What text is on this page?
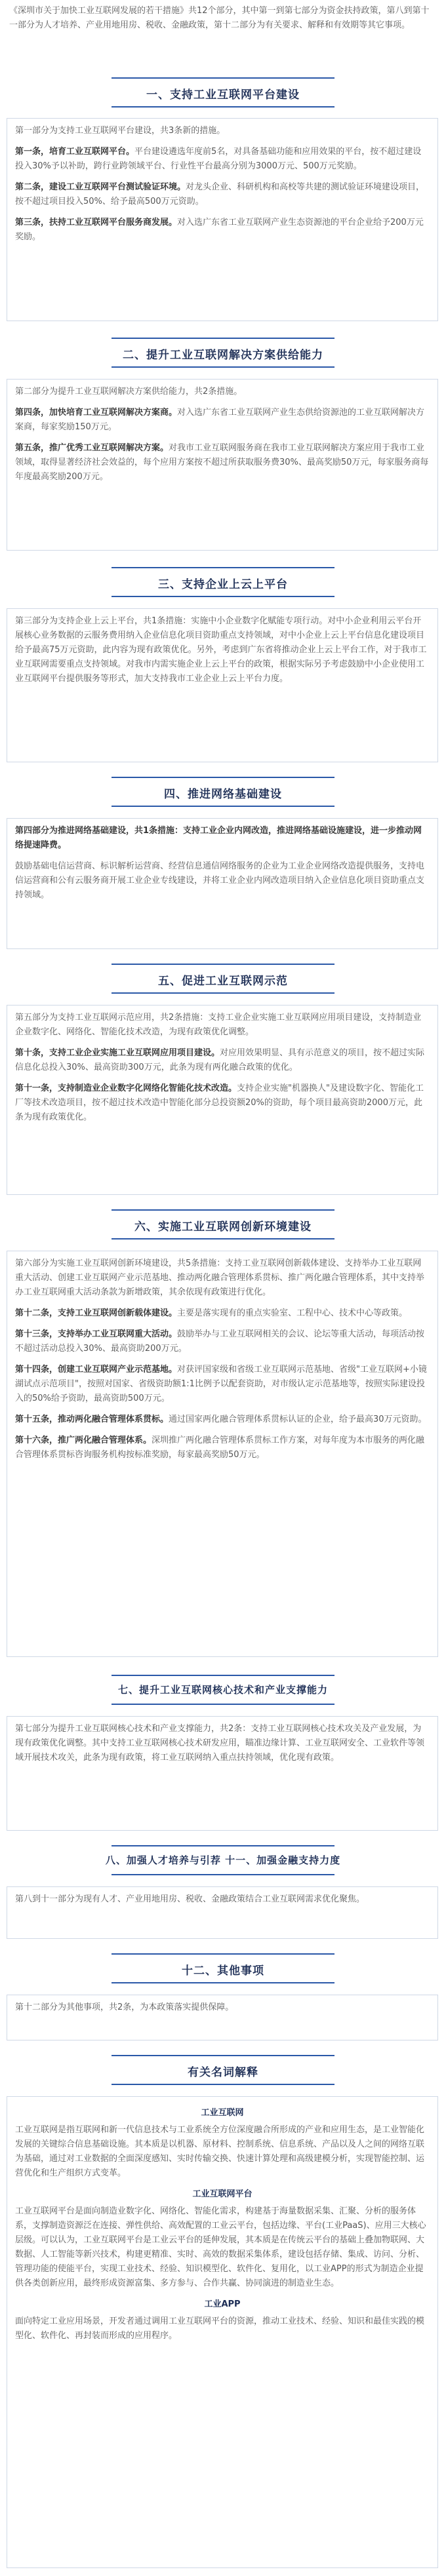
《深圳市关于加快工业互联网发展的若干措施》共12个部分，其中第一到第七部分为资金扶持政策，第八到第十一部分为人才培养、产业用地用房、税收、金融政策，第十二部分为有关要求、解释和有效期等其它事项。
一、支持工业互联网平台建设

第一部分为支持工业互联网平台建设，共3条新的措施。

第一条，培育工业互联网平台。平台建设遴选年度前5名，对具备基础功能和应用效果的平台，按不超过建设投入30%予以补助，跨行业跨领域平台、行业性平台最高分别为3000万元、500万元奖励。

第二条，建设工业互联网平台测试验证环境。对龙头企业、科研机构和高校等共建的测试验证环境建设项目，按不超过项目投入50%、给予最高500万元资助。

第三条，扶持工业互联网平台服务商发展。对入选广东省工业互联网产业生态资源池的平台企业给予200万元奖励。

二、提升工业互联网解决方案供给能力

第二部分为提升工业互联网解决方案供给能力，共2条措施。

第四条，加快培育工业互联网解决方案商。对入选广东省工业互联网产业生态供给资源池的工业互联网解决方案商，每家奖励150万元。

第五条，推广优秀工业互联网解决方案。对我市工业互联网服务商在我市工业互联网解决方案应用于我市工业领域，取得显著经济社会效益的，每个应用方案按不超过所获取服务费30%、最高奖励50万元，每家服务商每年度最高奖励200万元。

三、支持企业上云上平台

第三部分为支持企业上云上平台，共1条措施：实施中小企业数字化赋能专项行动。对中小企业利用云平台开展核心业务数据的云服务费用纳入企业信息化项目资助重点支持领域，对中小企业上云上平台信息化建设项目给予最高75万元资助，此内容为现有政策优化。另外，考虑到广东省将推动企业上云上平台工作，对于我市工业互联网需要重点支持领域。对我市内需实施企业上云上平台的政策，根据实际另予考虑鼓励中小企业使用工业互联网平台提供服务等形式，加大支持我市工业企业上云上平台力度。

四、推进网络基础建设

第四部分为推进网络基础建设，共1条措施：支持工业企业内网改造，推进网络基础设施建设，进一步推动网络提速降费。

鼓励基础电信运营商、标识解析运营商、经营信息通信网络服务的企业为工业企业网络改造提供服务，支持电信运营商和公有云服务商开展工业企业专线建设，并将工业企业内网改造项目纳入企业信息化项目资助重点支持领域。

五、促进工业互联网示范

第五部分为支持工业互联网示范应用，共2条措施：支持工业企业实施工业互联网应用项目建设，支持制造业企业数字化、网络化、智能化技术改造，为现有政策优化调整。

第十条，支持工业企业实施工业互联网应用项目建设。对应用效果明显、具有示范意义的项目，按不超过实际信息化总投入30%、最高资助300万元，此条为现有两化融合政策的优化。

第十一条，支持制造业企业数字化网络化智能化技术改造。支持企业实施"机器换人"及建设数字化、智能化工厂等技术改造项目，按不超过技术改造中智能化部分总投资额20%的资助，每个项目最高资助2000万元，此条为现有政策优化。

六、实施工业互联网创新环境建设

第六部分为实施工业互联网创新环境建设，共5条措施：支持工业互联网创新载体建设、支持举办工业互联网重大活动、创建工业互联网产业示范基地、推动两化融合管理体系贯标、推广两化融合管理体系，其中支持举办工业互联网重大活动条款为新增政策，其余依现有政策进行优化。

第十二条，支持工业互联网创新载体建设。主要是落实现有的重点实验室、工程中心、技术中心等政策。

第十三条，支持举办工业互联网重大活动。鼓励举办与工业互联网相关的会议、论坛等重大活动，每项活动按不超过活动总投入30%、最高资助200万元。

第十四条，创建工业互联网产业示范基地。对获评国家级和省级工业互联网示范基地、省级"工业互联网+小镜湖试点示范项目"，按照对国家、省级资助额1:1比例予以配套资助，对市级认定示范基地等，按照实际建设投入的50%给予资助，最高资助500万元。

第十五条，推动两化融合管理体系贯标。通过国家两化融合管理体系贯标认证的企业，给予最高30万元资助。

第十六条，推广两化融合管理体系。深圳推广两化融合管理体系贯标工作方案，对每年度为本市服务的两化融合管理体系贯标咨询服务机构按标准奖励，每家最高奖励50万元。

七、提升工业互联网核心技术和产业支撑能力

第七部分为提升工业互联网核心技术和产业支撑能力，共2条：支持工业互联网核心技术攻关及产业发展，为现有政策优化调整。其中支持工业互联网核心技术研发应用，瞄准边缘计算、工业互联网安全、工业软件等领域开展技术攻关，此条为现有政策，将工业互联网纳入重点扶持领域，优化现有政策。

八、加强人才培养与引荐 十一、加强金融支持力度

第八到十一部分为现有人才、产业用地用房、税收、金融政策结合工业互联网需求优化聚焦。

十二、其他事项

第十二部分为其他事项，共2条，为本政策落实提供保障。

有关名词解释
工业互联网

工业互联网是指互联网和新一代信息技术与工业系统全方位深度融合所形成的产业和应用生态，是工业智能化发展的关键综合信息基础设施。其本质是以机器、原材料、控制系统、信息系统、产品以及人之间的网络互联为基础，通过对工业数据的全面深度感知、实时传输交换、快速计算处理和高级建模分析，实现智能控制、运营优化和生产组织方式变革。

工业互联网平台

工业互联网平台是面向制造业数字化、网络化、智能化需求，构建基于海量数据采集、汇聚、分析的服务体系，支撑制造资源泛在连接、弹性供给、高效配置的工业云平台，包括边缘、平台(工业PaaS)、应用三大核心层级。可以认为，工业互联网平台是工业云平台的延伸发展，其本质是在传统云平台的基础上叠加物联网、大数据、人工智能等新兴技术，构建更精准、实时、高效的数据采集体系，建设包括存储、集成、访问、分析、管理功能的使能平台，实现工业技术、经验、知识模型化、软件化、复用化，以工业APP的形式为制造企业提供各类创新应用，最终形成资源富集、多方参与、合作共赢、协同演进的制造业生态。

工业APP

面向特定工业应用场景，开发者通过调用工业互联网平台的资源，推动工业技术、经验、知识和最佳实践的模型化、软件化、再封装而形成的应用程序。
